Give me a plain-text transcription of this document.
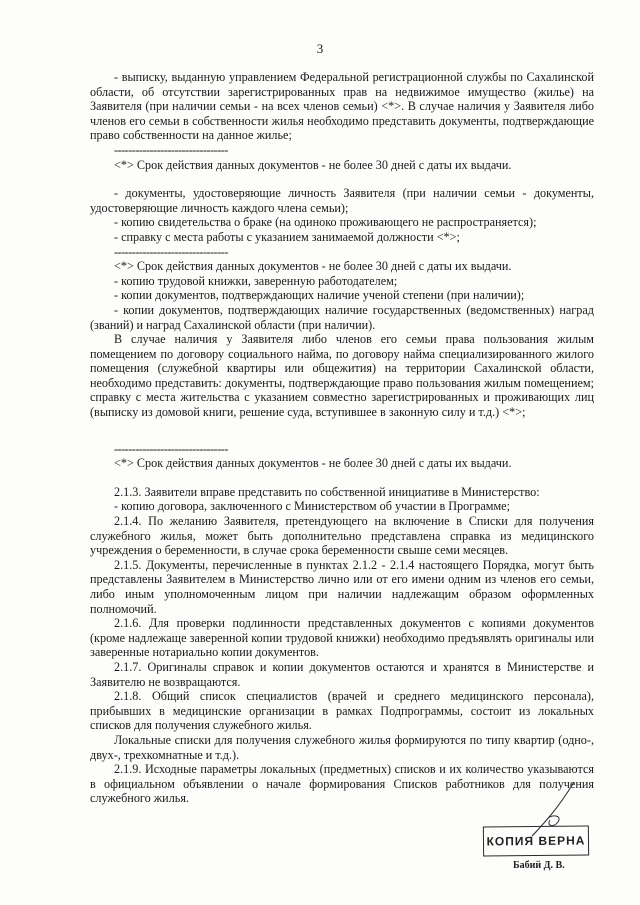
3

- выписку, выданную управлением Федеральной регистрационной службы по Сахалинской области, об отсутствии зарегистрированных прав на недвижимое имущество (жилье) на Заявителя (при наличии семьи - на всех членов семьи) <*>. В случае наличия у Заявителя либо членов его семьи в собственности жилья необходимо представить документы, подтверждающие право собственности на данное жилье;

--------------------------------

<*> Срок действия данных документов - не более 30 дней с даты их выдачи.

- документы, удостоверяющие личность Заявителя (при наличии семьи - документы, удостоверяющие личность каждого члена семьи);

- копию свидетельства о браке (на одиноко проживающего не распространяется);

- справку с места работы с указанием занимаемой должности <*>;

--------------------------------

<*> Срок действия данных документов - не более 30 дней с даты их выдачи.

- копию трудовой книжки, заверенную работодателем;

- копии документов, подтверждающих наличие ученой степени (при наличии);

- копии документов, подтверждающих наличие государственных (ведомственных) наград (званий) и наград Сахалинской области (при наличии).

В случае наличия у Заявителя либо членов его семьи права пользования жилым помещением по договору социального найма, по договору найма специализированного жилого помещения (служебной квартиры или общежития) на территории Сахалинской области, необходимо представить: документы, подтверждающие право пользования жилым помещением; справку с места жительства с указанием совместно зарегистрированных и проживающих лиц (выписку из домовой книги, решение суда, вступившее в законную силу и т.д.) <*>;

--------------------------------

<*> Срок действия данных документов - не более 30 дней с даты их выдачи.

2.1.3. Заявители вправе представить по собственной инициативе в Министерство:

- копию договора, заключенного с Министерством об участии в Программе;

2.1.4. По желанию Заявителя, претендующего на включение в Списки для получения служебного жилья, может быть дополнительно представлена справка из медицинского учреждения о беременности, в случае срока беременности свыше семи месяцев.

2.1.5. Документы, перечисленные в пунктах 2.1.2 - 2.1.4 настоящего Порядка, могут быть представлены Заявителем в Министерство лично или от его имени одним из членов его семьи, либо иным уполномоченным лицом при наличии надлежащим образом оформленных полномочий.

2.1.6. Для проверки подлинности представленных документов с копиями документов (кроме надлежаще заверенной копии трудовой книжки) необходимо предъявлять оригиналы или заверенные нотариально копии документов.

2.1.7. Оригиналы справок и копии документов остаются и хранятся в Министерстве и Заявителю не возвращаются.

2.1.8. Общий список специалистов (врачей и среднего медицинского персонала), прибывших в медицинские организации в рамках Подпрограммы, состоит из локальных списков для получения служебного жилья.

Локальные списки для получения служебного жилья формируются по типу квартир (одно-, двух-, трехкомнатные и т.д.).

2.1.9. Исходные параметры локальных (предметных) списков и их количество указываются в официальном объявлении о начале формирования Списков работников для получения служебного жилья.

КОПИЯ ВЕРНА
Бабий Д. В.
